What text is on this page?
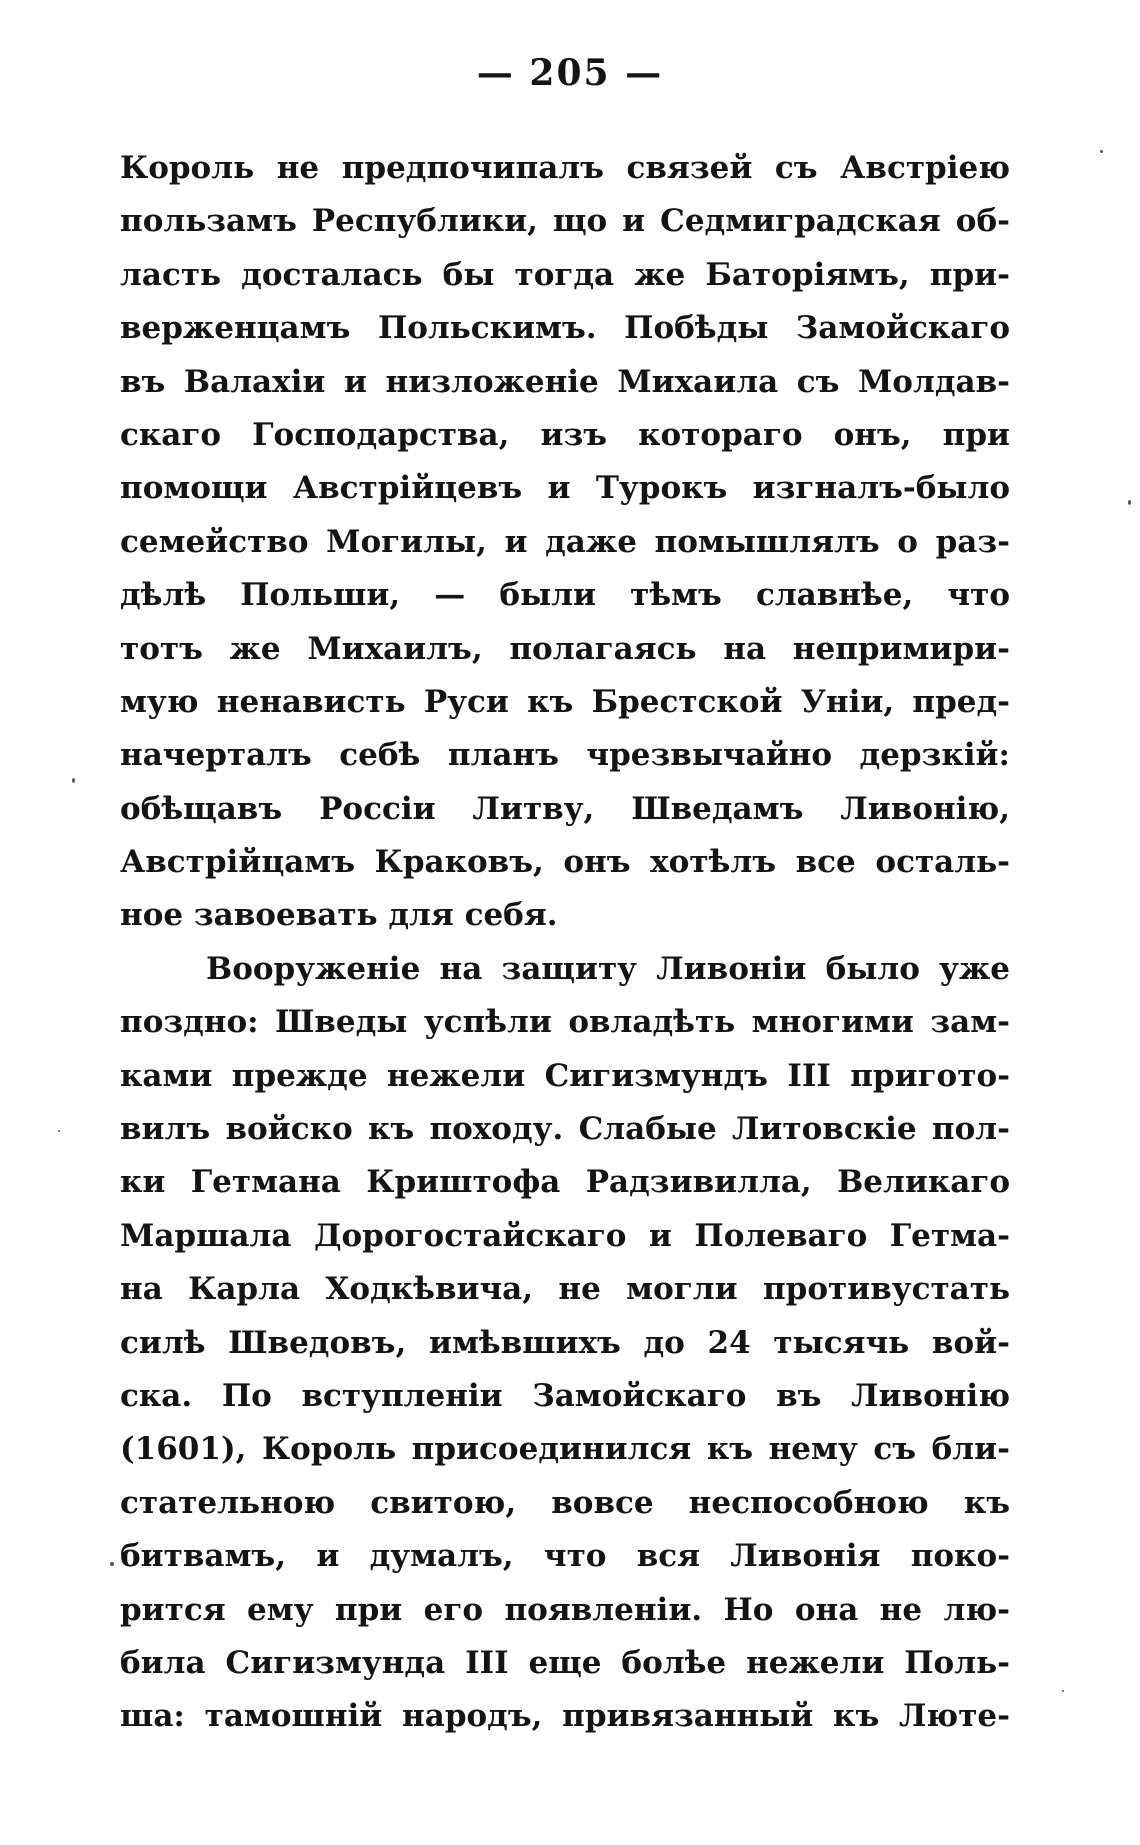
— 205 —
Король не предпочипалъ связей съ Австріею
пользамъ Республики, що и Седмиградская об-
ласть досталась бы тогда же Баторіямъ, при-
верженцамъ Польскимъ. Побѣды Замойскаго
въ Валахіи и низложеніе Михаила съ Молдав-
скаго Господарства, изъ котораго онъ, при
помощи Австрійцевъ и Турокъ изгналъ-было
семейство Могилы, и даже помышлялъ о раз-
дѣлѣ Польши, — были тѣмъ славнѣе, что
тотъ же Михаилъ, полагаясь на непримири-
мую ненависть Руси къ Брестской Уніи, пред-
начерталъ себѣ планъ чрезвычайно дерзкій:
обѣщавъ Россіи Литву, Шведамъ Ливонію,
Австрійцамъ Краковъ, онъ хотѣлъ все осталь-
ное завоевать для себя.
Вооруженіе на защиту Ливоніи было уже
поздно: Шведы успѣли овладѣть многими зам-
ками прежде нежели Сигизмундъ III пригото-
вилъ войско къ походу. Слабые Литовскіе пол-
ки Гетмана Криштофа Радзивилла, Великаго
Маршала Дорогостайскаго и Полеваго Гетма-
на Карла Ходкѣвича, не могли противустать
силѣ Шведовъ, имѣвшихъ до 24 тысячь вой-
ска. По вступленіи Замойскаго въ Ливонію
(1601), Король присоединился къ нему съ бли-
стательною свитою, вовсе неспособною къ
битвамъ, и думалъ, что вся Ливонія поко-
рится ему при его появленіи. Но она не лю-
била Сигизмунда III еще болѣе нежели Поль-
ша: тамошній народъ, привязанный къ Люте-
